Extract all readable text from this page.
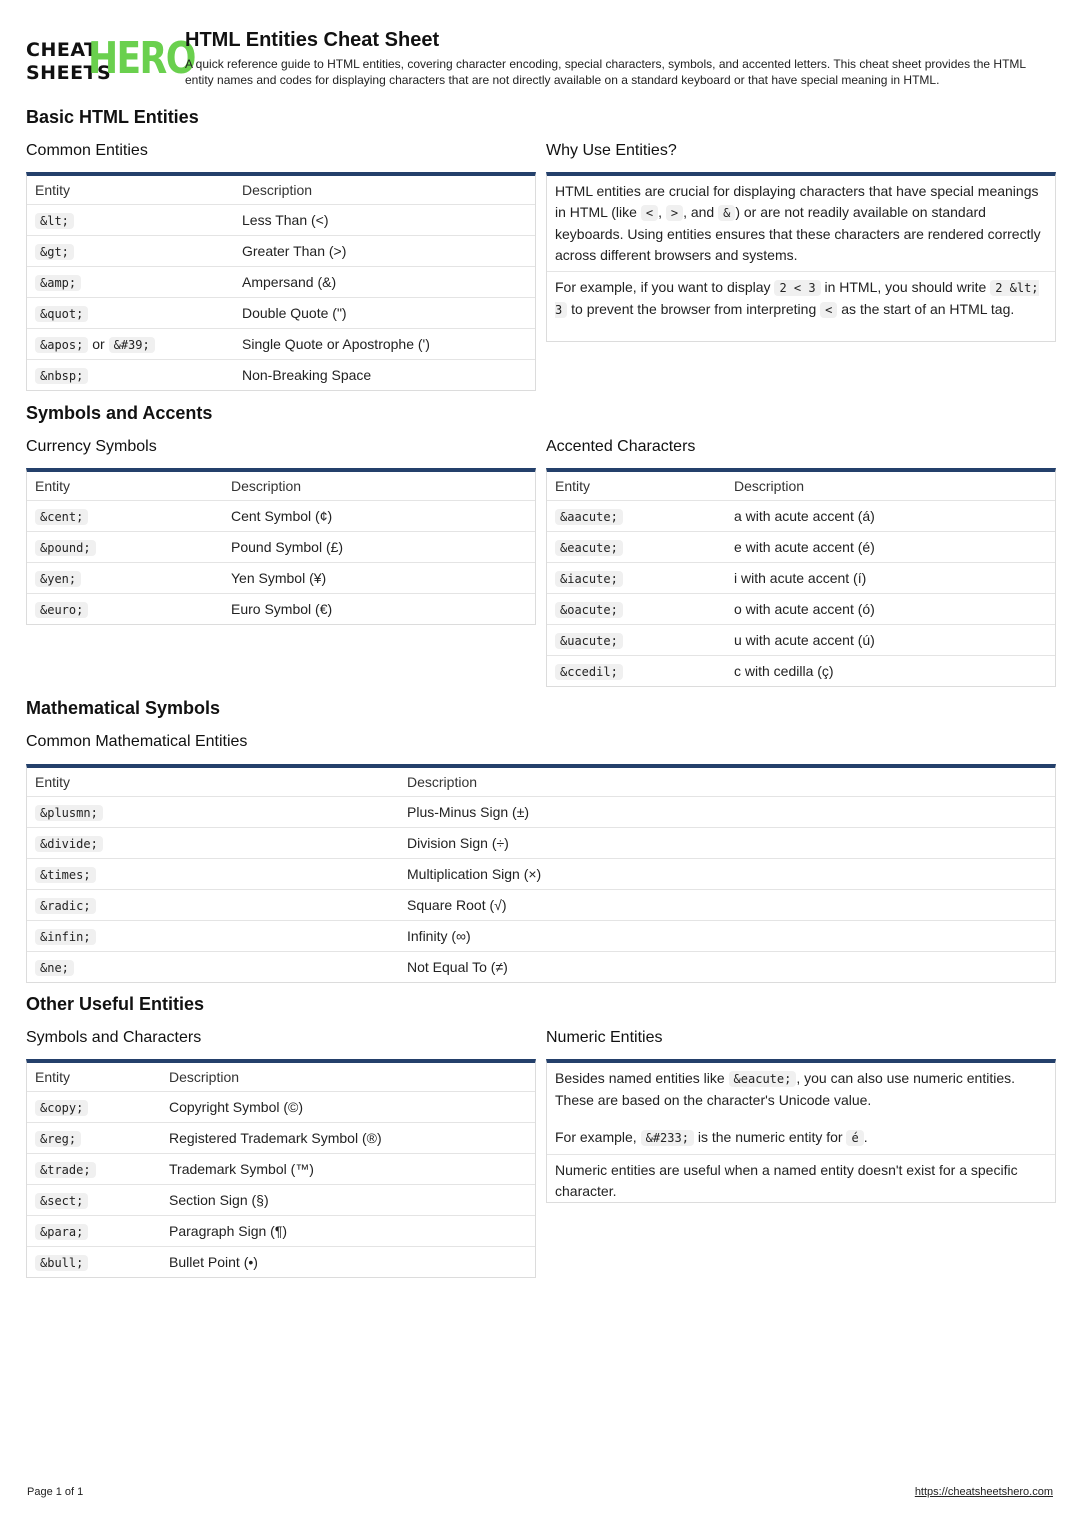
CHEAT
SHEETS
HERO
HTML Entities Cheat Sheet
A quick reference guide to HTML entities, covering character encoding, special characters, symbols, and accented letters. This cheat sheet provides the HTML entity names and codes for displaying characters that are not directly available on a standard keyboard or that have special meaning in HTML.
Basic HTML Entities
Common Entities	Why Use Entities?
Entity	Description
&lt;	Less Than (<)
&gt;	Greater Than (>)
&amp;	Ampersand (&)
&quot;	Double Quote (")
&apos; or &#39;	Single Quote or Apostrophe (')
&nbsp;	Non-Breaking Space
HTML entities are crucial for displaying characters that have special meanings in HTML (like < , > , and & ) or are not readily available on standard keyboards. Using entities ensures that these characters are rendered correctly across different browsers and systems.
For example, if you want to display 2 < 3 in HTML, you should write 2 &lt; 3 to prevent the browser from interpreting < as the start of an HTML tag.
Symbols and Accents
Currency Symbols	Accented Characters
Entity	Description
&cent;	Cent Symbol (¢)
&pound;	Pound Symbol (£)
&yen;	Yen Symbol (¥)
&euro;	Euro Symbol (€)
Entity	Description
&aacute;	a with acute accent (á)
&eacute;	e with acute accent (é)
&iacute;	i with acute accent (í)
&oacute;	o with acute accent (ó)
&uacute;	u with acute accent (ú)
&ccedil;	c with cedilla (ç)
Mathematical Symbols
Common Mathematical Entities
Entity	Description
&plusmn;	Plus-Minus Sign (±)
&divide;	Division Sign (÷)
&times;	Multiplication Sign (×)
&radic;	Square Root (√)
&infin;	Infinity (∞)
&ne;	Not Equal To (≠)
Other Useful Entities
Symbols and Characters	Numeric Entities
Entity	Description
&copy;	Copyright Symbol (©)
&reg;	Registered Trademark Symbol (®)
&trade;	Trademark Symbol (™)
&sect;	Section Sign (§)
&para;	Paragraph Sign (¶)
&bull;	Bullet Point (•)
Besides named entities like &eacute; , you can also use numeric entities. These are based on the character's Unicode value.
For example, &#233; is the numeric entity for é .
Numeric entities are useful when a named entity doesn't exist for a specific character.
Page 1 of 1	https://cheatsheetshero.com
